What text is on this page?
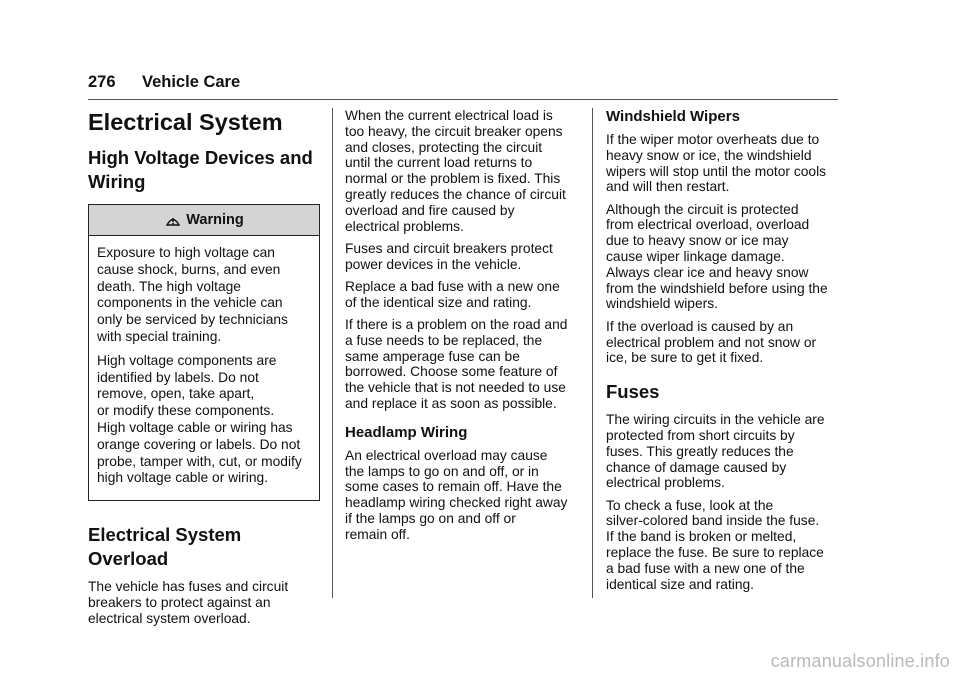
276 Vehicle Care
Electrical System
High Voltage Devices and
Wiring
Warning

Exposure to high voltage can
cause shock, burns, and even
death. The high voltage
components in the vehicle can
only be serviced by technicians
with special training.

High voltage components are
identified by labels. Do not
remove, open, take apart,
or modify these components.
High voltage cable or wiring has
orange covering or labels. Do not
probe, tamper with, cut, or modify
high voltage cable or wiring.

Electrical System
Overload

The vehicle has fuses and circuit
breakers to protect against an
electrical system overload.

When the current electrical load is
too heavy, the circuit breaker opens
and closes, protecting the circuit
until the current load returns to
normal or the problem is fixed. This
greatly reduces the chance of circuit
overload and fire caused by
electrical problems.

Fuses and circuit breakers protect
power devices in the vehicle.

Replace a bad fuse with a new one
of the identical size and rating.

If there is a problem on the road and
a fuse needs to be replaced, the
same amperage fuse can be
borrowed. Choose some feature of
the vehicle that is not needed to use
and replace it as soon as possible.

Headlamp Wiring

An electrical overload may cause
the lamps to go on and off, or in
some cases to remain off. Have the
headlamp wiring checked right away
if the lamps go on and off or
remain off.

Windshield Wipers

If the wiper motor overheats due to
heavy snow or ice, the windshield
wipers will stop until the motor cools
and will then restart.

Although the circuit is protected
from electrical overload, overload
due to heavy snow or ice may
cause wiper linkage damage.
Always clear ice and heavy snow
from the windshield before using the
windshield wipers.

If the overload is caused by an
electrical problem and not snow or
ice, be sure to get it fixed.

Fuses

The wiring circuits in the vehicle are
protected from short circuits by
fuses. This greatly reduces the
chance of damage caused by
electrical problems.

To check a fuse, look at the
silver-colored band inside the fuse.
If the band is broken or melted,
replace the fuse. Be sure to replace
a bad fuse with a new one of the
identical size and rating.

carmanualsonline.info
